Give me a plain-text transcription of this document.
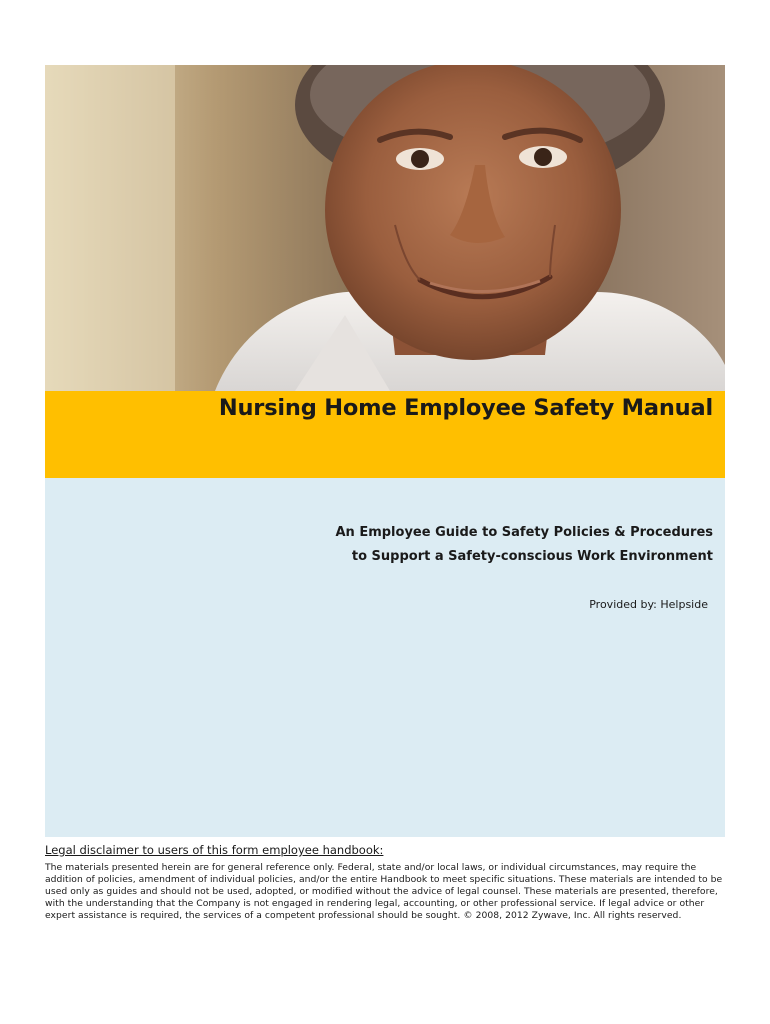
Nursing Home Employee Safety Manual
An Employee Guide to Safety Policies & Procedures
to Support a Safety-conscious Work Environment
Provided by: Helpside

Legal disclaimer to users of this form employee handbook:

The materials presented herein are for general reference only. Federal, state and/or local laws, or individual circumstances, may require the addition of policies, amendment of individual policies, and/or the entire Handbook to meet specific situations. These materials are intended to be used only as guides and should not be used, adopted, or modified without the advice of legal counsel. These materials are presented, therefore, with the understanding that the Company is not engaged in rendering legal, accounting, or other professional service. If legal advice or other expert assistance is required, the services of a competent professional should be sought. © 2008, 2012 Zywave, Inc. All rights reserved.
